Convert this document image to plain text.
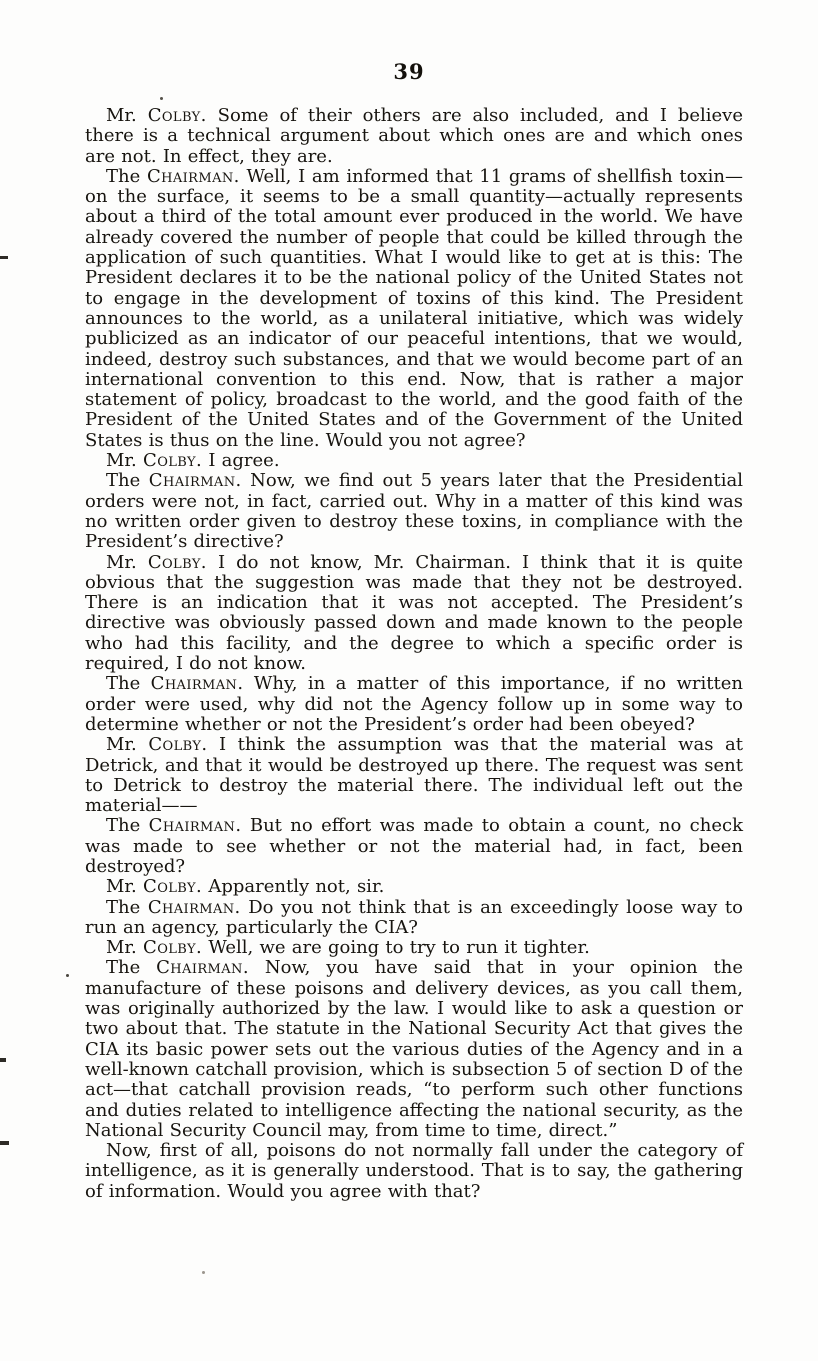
39

Mr. Colby. Some of their others are also included, and I believe there is a technical argument about which ones are and which ones are not. In effect, they are.

The Chairman. Well, I am informed that 11 grams of shellfish toxin—on the surface, it seems to be a small quantity—actually represents about a third of the total amount ever produced in the world. We have already covered the number of people that could be killed through the application of such quantities. What I would like to get at is this: The President declares it to be the national policy of the United States not to engage in the development of toxins of this kind. The President announces to the world, as a unilateral initiative, which was widely publicized as an indicator of our peaceful intentions, that we would, indeed, destroy such substances, and that we would become part of an international convention to this end. Now, that is rather a major statement of policy, broadcast to the world, and the good faith of the President of the United States and of the Government of the United States is thus on the line. Would you not agree?

Mr. Colby. I agree.

The Chairman. Now, we find out 5 years later that the Presidential orders were not, in fact, carried out. Why in a matter of this kind was no written order given to destroy these toxins, in compliance with the President’s directive?

Mr. Colby. I do not know, Mr. Chairman. I think that it is quite obvious that the suggestion was made that they not be destroyed. There is an indication that it was not accepted. The President’s directive was obviously passed down and made known to the people who had this facility, and the degree to which a specific order is required, I do not know.

The Chairman. Why, in a matter of this importance, if no written order were used, why did not the Agency follow up in some way to determine whether or not the President’s order had been obeyed?

Mr. Colby. I think the assumption was that the material was at Detrick, and that it would be destroyed up there. The request was sent to Detrick to destroy the material there. The individual left out the material——

The Chairman. But no effort was made to obtain a count, no check was made to see whether or not the material had, in fact, been destroyed?

Mr. Colby. Apparently not, sir.

The Chairman. Do you not think that is an exceedingly loose way to run an agency, particularly the CIA?

Mr. Colby. Well, we are going to try to run it tighter.

The Chairman. Now, you have said that in your opinion the manufacture of these poisons and delivery devices, as you call them, was originally authorized by the law. I would like to ask a question or two about that. The statute in the National Security Act that gives the CIA its basic power sets out the various duties of the Agency and in a well-known catchall provision, which is subsection 5 of section D of the act—that catchall provision reads, “to perform such other functions and duties related to intelligence affecting the national security, as the National Security Council may, from time to time, direct.”

Now, first of all, poisons do not normally fall under the category of intelligence, as it is generally understood. That is to say, the gathering of information. Would you agree with that?
